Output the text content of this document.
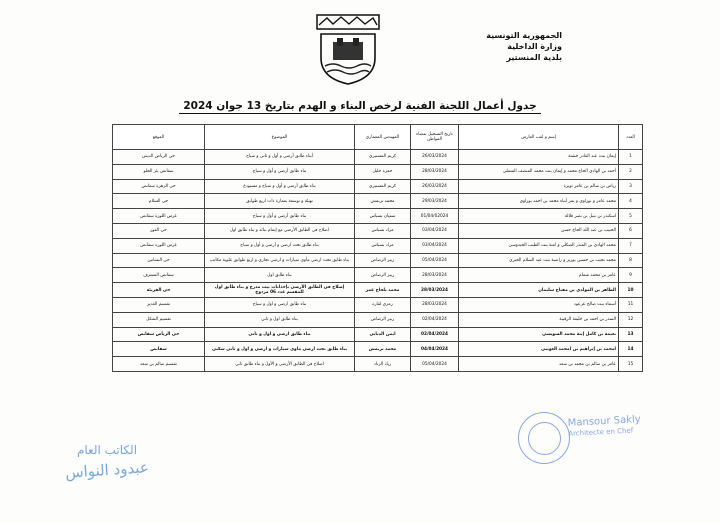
الجمهورية التونسية
وزارة الداخلية
بلدية المنستير
جدول أعمال اللجنة الفنية لرخص البناء و الهدم بتاريخ 13 جوان 2024
العدد	إسم و لقب العارض	تاريخ التسجيل بفضاء المواطن	المهندس المعماري	الموضوع	الموقع
1	إيمان بنت عبد القادر خشتة	26/03/2024	كريم المستيري	أبناء طابق أرضي و أول و ثاني و سياج	حي الرياض الديس
2	أحمد بن الهادي الحاج محمد و إيمان بنت محمد المنصف الشملي	28/03/2024	حمزة خليل	بناء طابق أرضي و أول و سياج	سقانص بئر الحلو
3	رياض بن سالم بن عامر ثويرة	26/03/2024	كريم المستيري	بناء طابق أرضي و أول و سياج و مستودع	حي الزهرة سقانص
4	محمد عامر و بوزاوي و نمر أبناء محمد بن احمد بوزاوي	29/03/2024	محمد تريمش	تهيئة و توسعة بعمارة ذات اربع طوابق	حي السلام
5	اسكندر بن نبيل بن نصر قلالة	01/04/02024	سفيان بسباس	بناء طابق أرضي و أول و سياج	غرس اللوزة سقانص
6	الحبيب بن عبد الله الحاج حسن	03/04/2024	مراد بسباس	اصلاح في الطابق الأرضي مع إتمام بنائه و بناء طابق اول	حي الفوز
7	محمد الهادي بن المنذر الصكلي و امنة بنت الطيب الحيدوسي	03/04/2024	مراد بسباس	بناء طابق تحت ارضي و ارضي و أول و سياج	غرس اللوزة سقانص
8	محمد نجيب بن حسين بوزير و راضية بنت عبد السلام الخيري	05/04/2024	زبير الرصاص	بناء طابق تحت ارضي مأوى سيارات و ارضي تجاري و اربع طوابق علوية مكاتب	حي البساتين
9	عامر بن محمد شمام	28/03/2024	زبير الرصاص	بناء طابق اول	سقانص المشرف
10	الطاهر بن المولدي بن مفتاح سليمان	28/03/2024	محمد بلحاج عمر	إصلاح في الطابق الأرضي بإحداثات بيت مدرج و بناء طابق اول للمقسم عدد 06 مزدوج	حي الفريئة
11	أسماء بنت صالح عزعود	28/03/2024	رمزي لقارة	بناء طابق ارضي و اول و سياج	تقسيم الغدير
12	المنذر بن احمد بن خليفة الرقيبة	02/04/2024	زبير الرصاص	بناء طابق اول و ثاني	تقسيم الشكل
13	نعيمة بن كامل إبنة محمد السويسي	02/04/2024	ايمن الدبابي	بناء طابق ارضي و اول و ثاني	حي الرياض سقانص
14	امحمد بن إبراهيم بن امحمد العويني	04/04/2024	محمد تريمش	بناء طابق تحت ارضي ماوى سيارات و ارضي و اول و ثاني سكني	سقانص
15	عامر بن سالم بن محمد بن سعد	05/04/2024	زياد الزناد	اصلاح في الطابق الأرضي و الأول و بناء طابق ثاني	تقسيم سالم بن سعد
الكاتب العام
عبدود النواس
Mansour Sakly
Architecte en Chef
